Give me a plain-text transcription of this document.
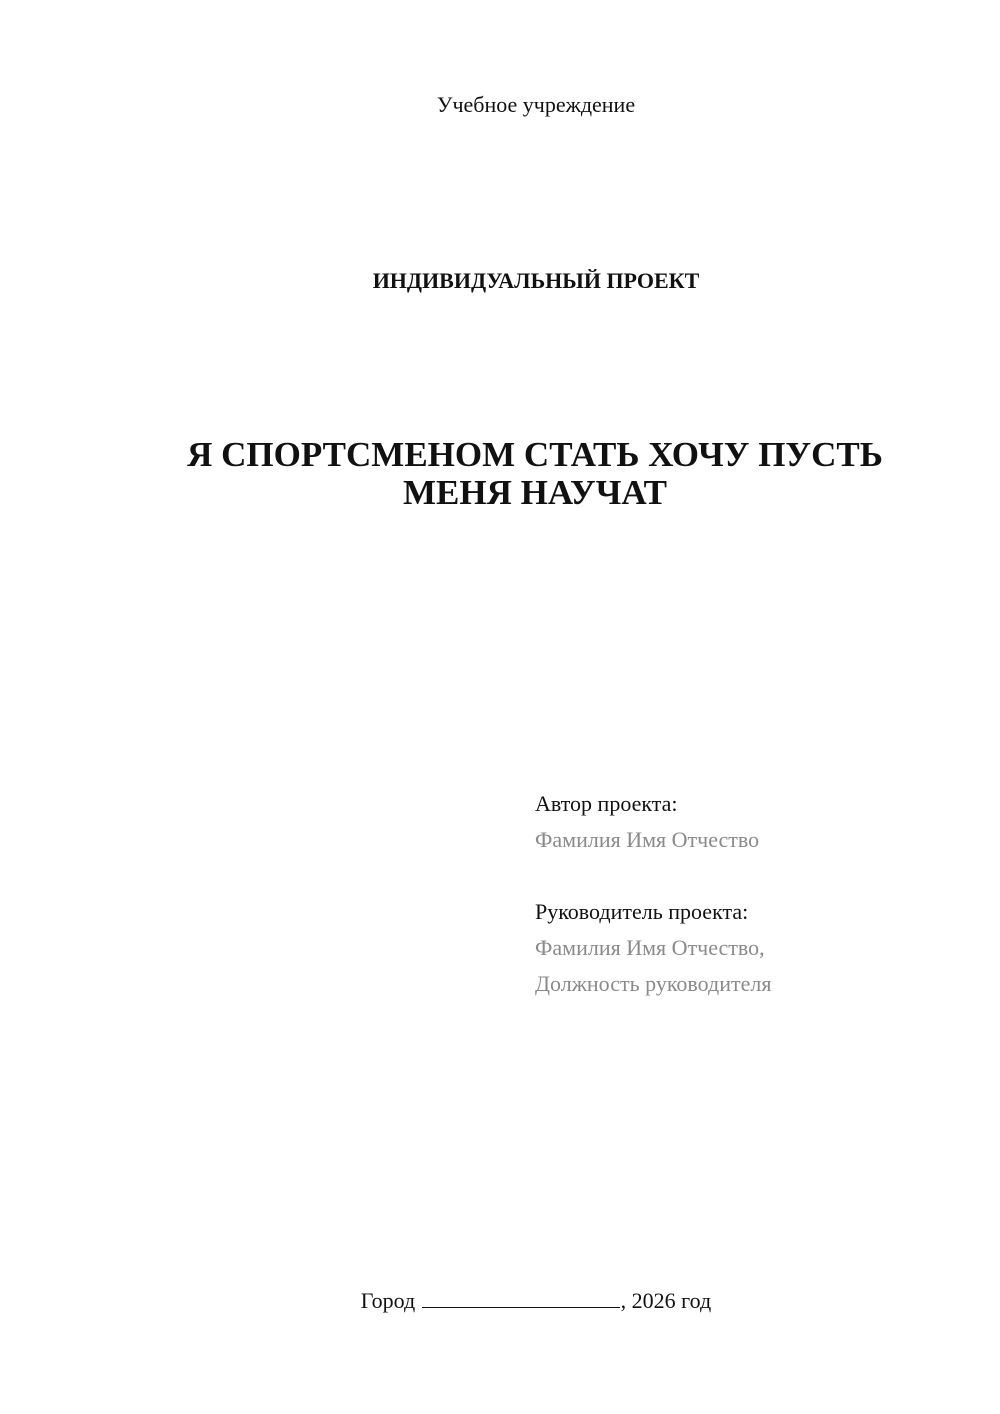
Учебное учреждение
ИНДИВИДУАЛЬНЫЙ ПРОЕКТ
Я СПОРТСМЕНОМ СТАТЬ ХОЧУ ПУСТЬ
МЕНЯ НАУЧАТ
Автор проекта:
Фамилия Имя Отчество
Руководитель проекта:
Фамилия Имя Отчество,
Должность руководителя
Город	, 2026 год
